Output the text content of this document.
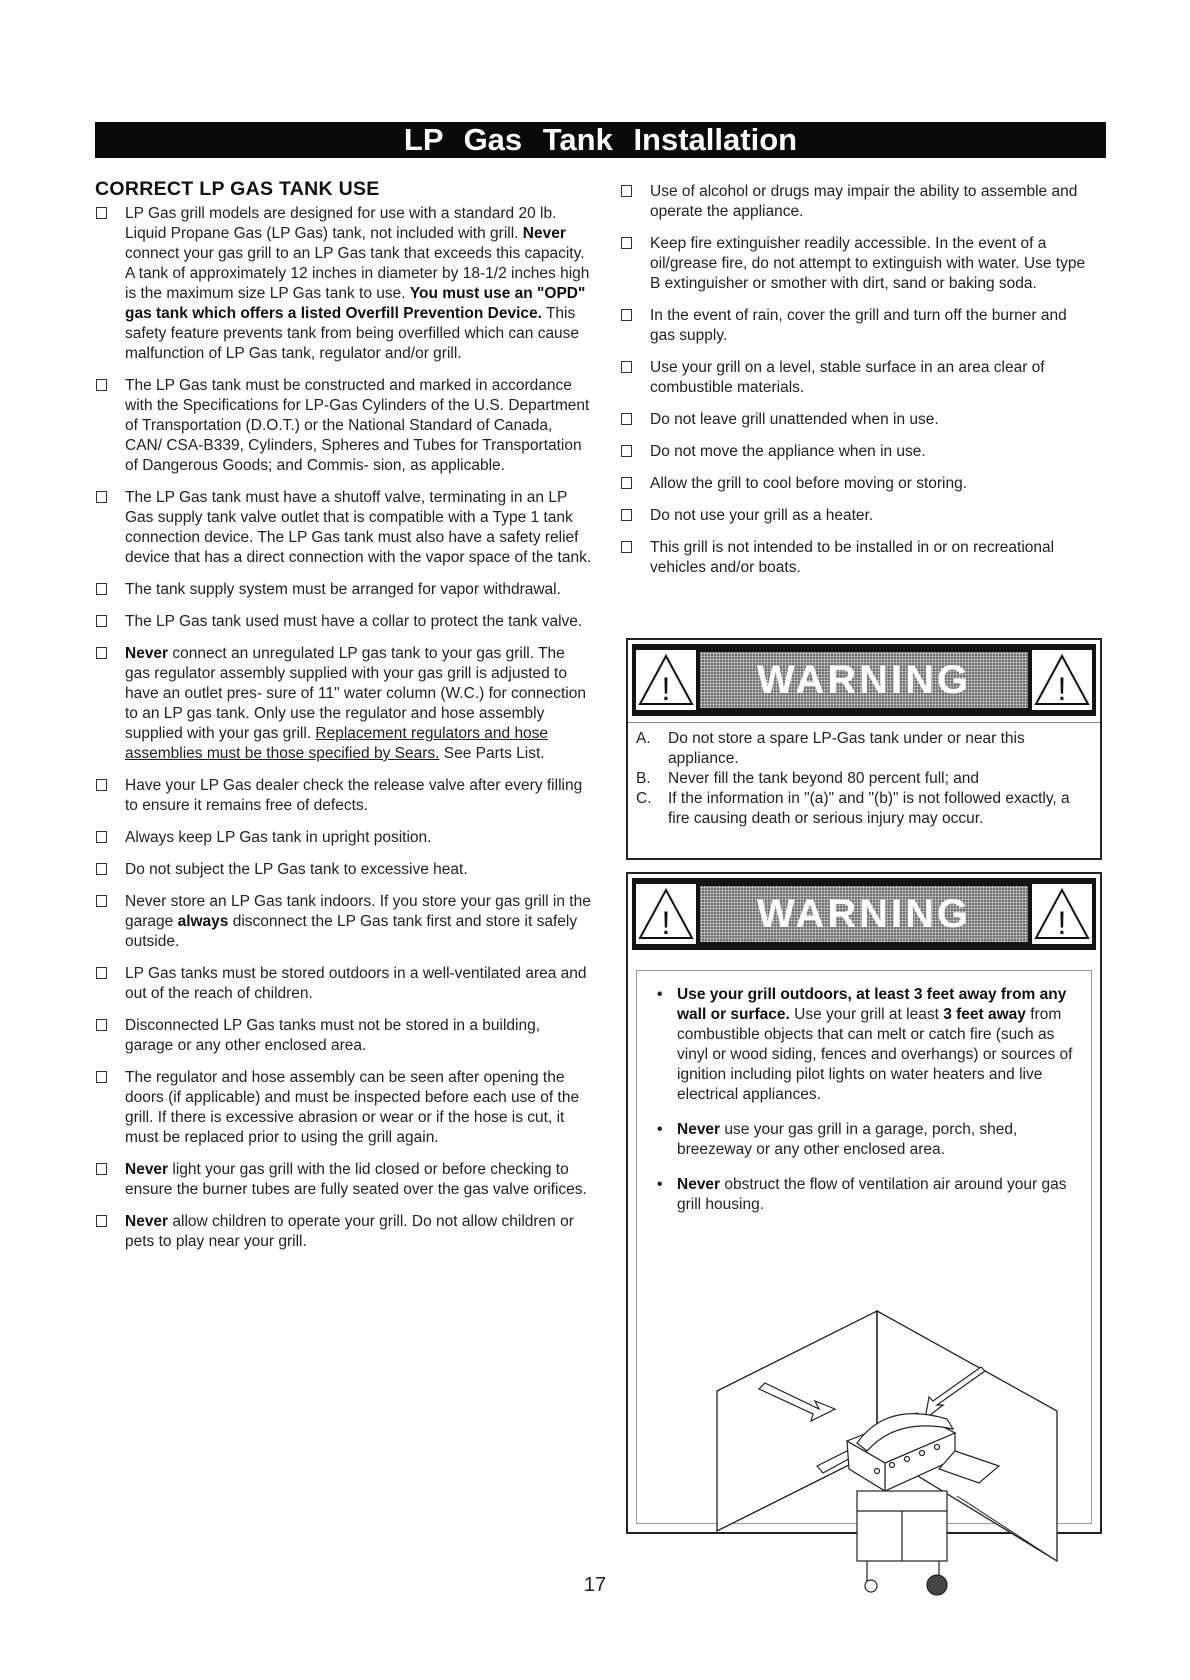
LP Gas Tank Installation
CORRECT LP GAS TANK USE
LP Gas grill models are designed for use with a standard 20 lb. Liquid Propane Gas (LP Gas) tank, not included with grill. Never connect your gas grill to an LP Gas tank that exceeds this capacity. A tank of approximately 12 inches in diameter by 18-1/2 inches high is the maximum size LP Gas tank to use. You must use an "OPD" gas tank which offers a listed Overfill Prevention Device. This safety feature prevents tank from being overfilled which can cause malfunction of LP Gas tank, regulator and/or grill.
The LP Gas tank must be constructed and marked in accordance with the Specifications for LP-Gas Cylinders of the U.S. Department of Transportation (D.O.T.) or the National Standard of Canada, CAN/ CSA-B339, Cylinders, Spheres and Tubes for Transportation of Dangerous Goods; and Commis- sion, as applicable.
The LP Gas tank must have a shutoff valve, terminating in an LP Gas supply tank valve outlet that is compatible with a Type 1 tank connection device. The LP Gas tank must also have a safety relief device that has a direct connection with the vapor space of the tank.
The tank supply system must be arranged for vapor withdrawal.
The LP Gas tank used must have a collar to protect the tank valve.
Never connect an unregulated LP gas tank to your gas grill. The gas regulator assembly supplied with your gas grill is adjusted to have an outlet pres- sure of 11" water column (W.C.) for connection to an LP gas tank. Only use the regulator and hose assembly supplied with your gas grill. Replacement regulators and hose assemblies must be those specified by Sears. See Parts List.
Have your LP Gas dealer check the release valve after every filling to ensure it remains free of defects.
Always keep LP Gas tank in upright position.
Do not subject the LP Gas tank to excessive heat.
Never store an LP Gas tank indoors. If you store your gas grill in the garage always disconnect the LP Gas tank first and store it safely outside.
LP Gas tanks must be stored outdoors in a well-ventilated area and out of the reach of children.
Disconnected LP Gas tanks must not be stored in a building, garage or any other enclosed area.
The regulator and hose assembly can be seen after opening the doors (if applicable) and must be inspected before each use of the grill. If there is excessive abrasion or wear or if the hose is cut, it must be replaced prior to using the grill again.
Never light your gas grill with the lid closed or before checking to ensure the burner tubes are fully seated over the gas valve orifices.
Never allow children to operate your grill. Do not allow children or pets to play near your grill.
Use of alcohol or drugs may impair the ability to assemble and operate the appliance.
Keep fire extinguisher readily accessible. In the event of a oil/grease fire, do not attempt to extinguish with water. Use type B extinguisher or smother with dirt, sand or baking soda.
In the event of rain, cover the grill and turn off the burner and gas supply.
Use your grill on a level, stable surface in an area clear of combustible materials.
Do not leave grill unattended when in use.
Do not move the appliance when in use.
Allow the grill to cool before moving or storing.
Do not use your grill as a heater.
This grill is not intended to be installed in or on recreational vehicles and/or boats.
!	WARNING	!
A. Do not store a spare LP-Gas tank under or near this appliance.
B. Never fill the tank beyond 80 percent full; and
C. If the information in "(a)" and "(b)" is not followed exactly, a fire causing death or serious injury may occur.
!	WARNING	!
• Use your grill outdoors, at least 3 feet away from any wall or surface. Use your grill at least 3 feet away from combustible objects that can melt or catch fire (such as vinyl or wood siding, fences and overhangs) or sources of ignition including pilot lights on water heaters and live electrical appliances.
• Never use your gas grill in a garage, porch, shed, breezeway or any other enclosed area.
• Never obstruct the flow of ventilation air around your gas grill housing.
17
